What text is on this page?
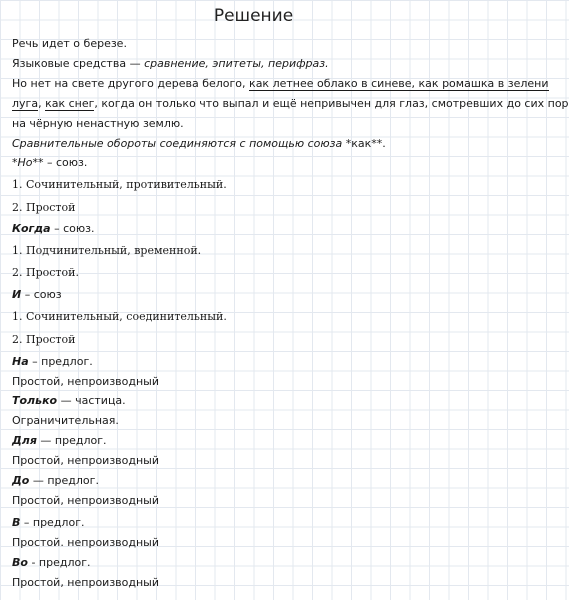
Решение
Речь идет о березе.
Языковые средства — сравнение, эпитеты, перифраз.
Но нет на свете другого дерева белого, как летнее облако в синеве, как ромашка в зелени
луга, как снег, когда он только что выпал и ещё непривычен для глаз, смотревших до сих пор
на чёрную ненастную землю.
Сравнительные обороты соединяются с помощью союза *как**.
*Но** – союз.
1. Сочинительный, противительный.
2. Простой
Когда – союз.
1. Подчинительный, временной.
2. Простой.
И – союз
1. Сочинительный, соединительный.
2. Простой
На – предлог.
Простой, непроизводный
Только — частица.
Ограничительная.
Для — предлог.
Простой, непроизводный
До — предлог.
Простой, непроизводный
В – предлог.
Простой. непроизводный
Во - предлог.
Простой, непроизводный
